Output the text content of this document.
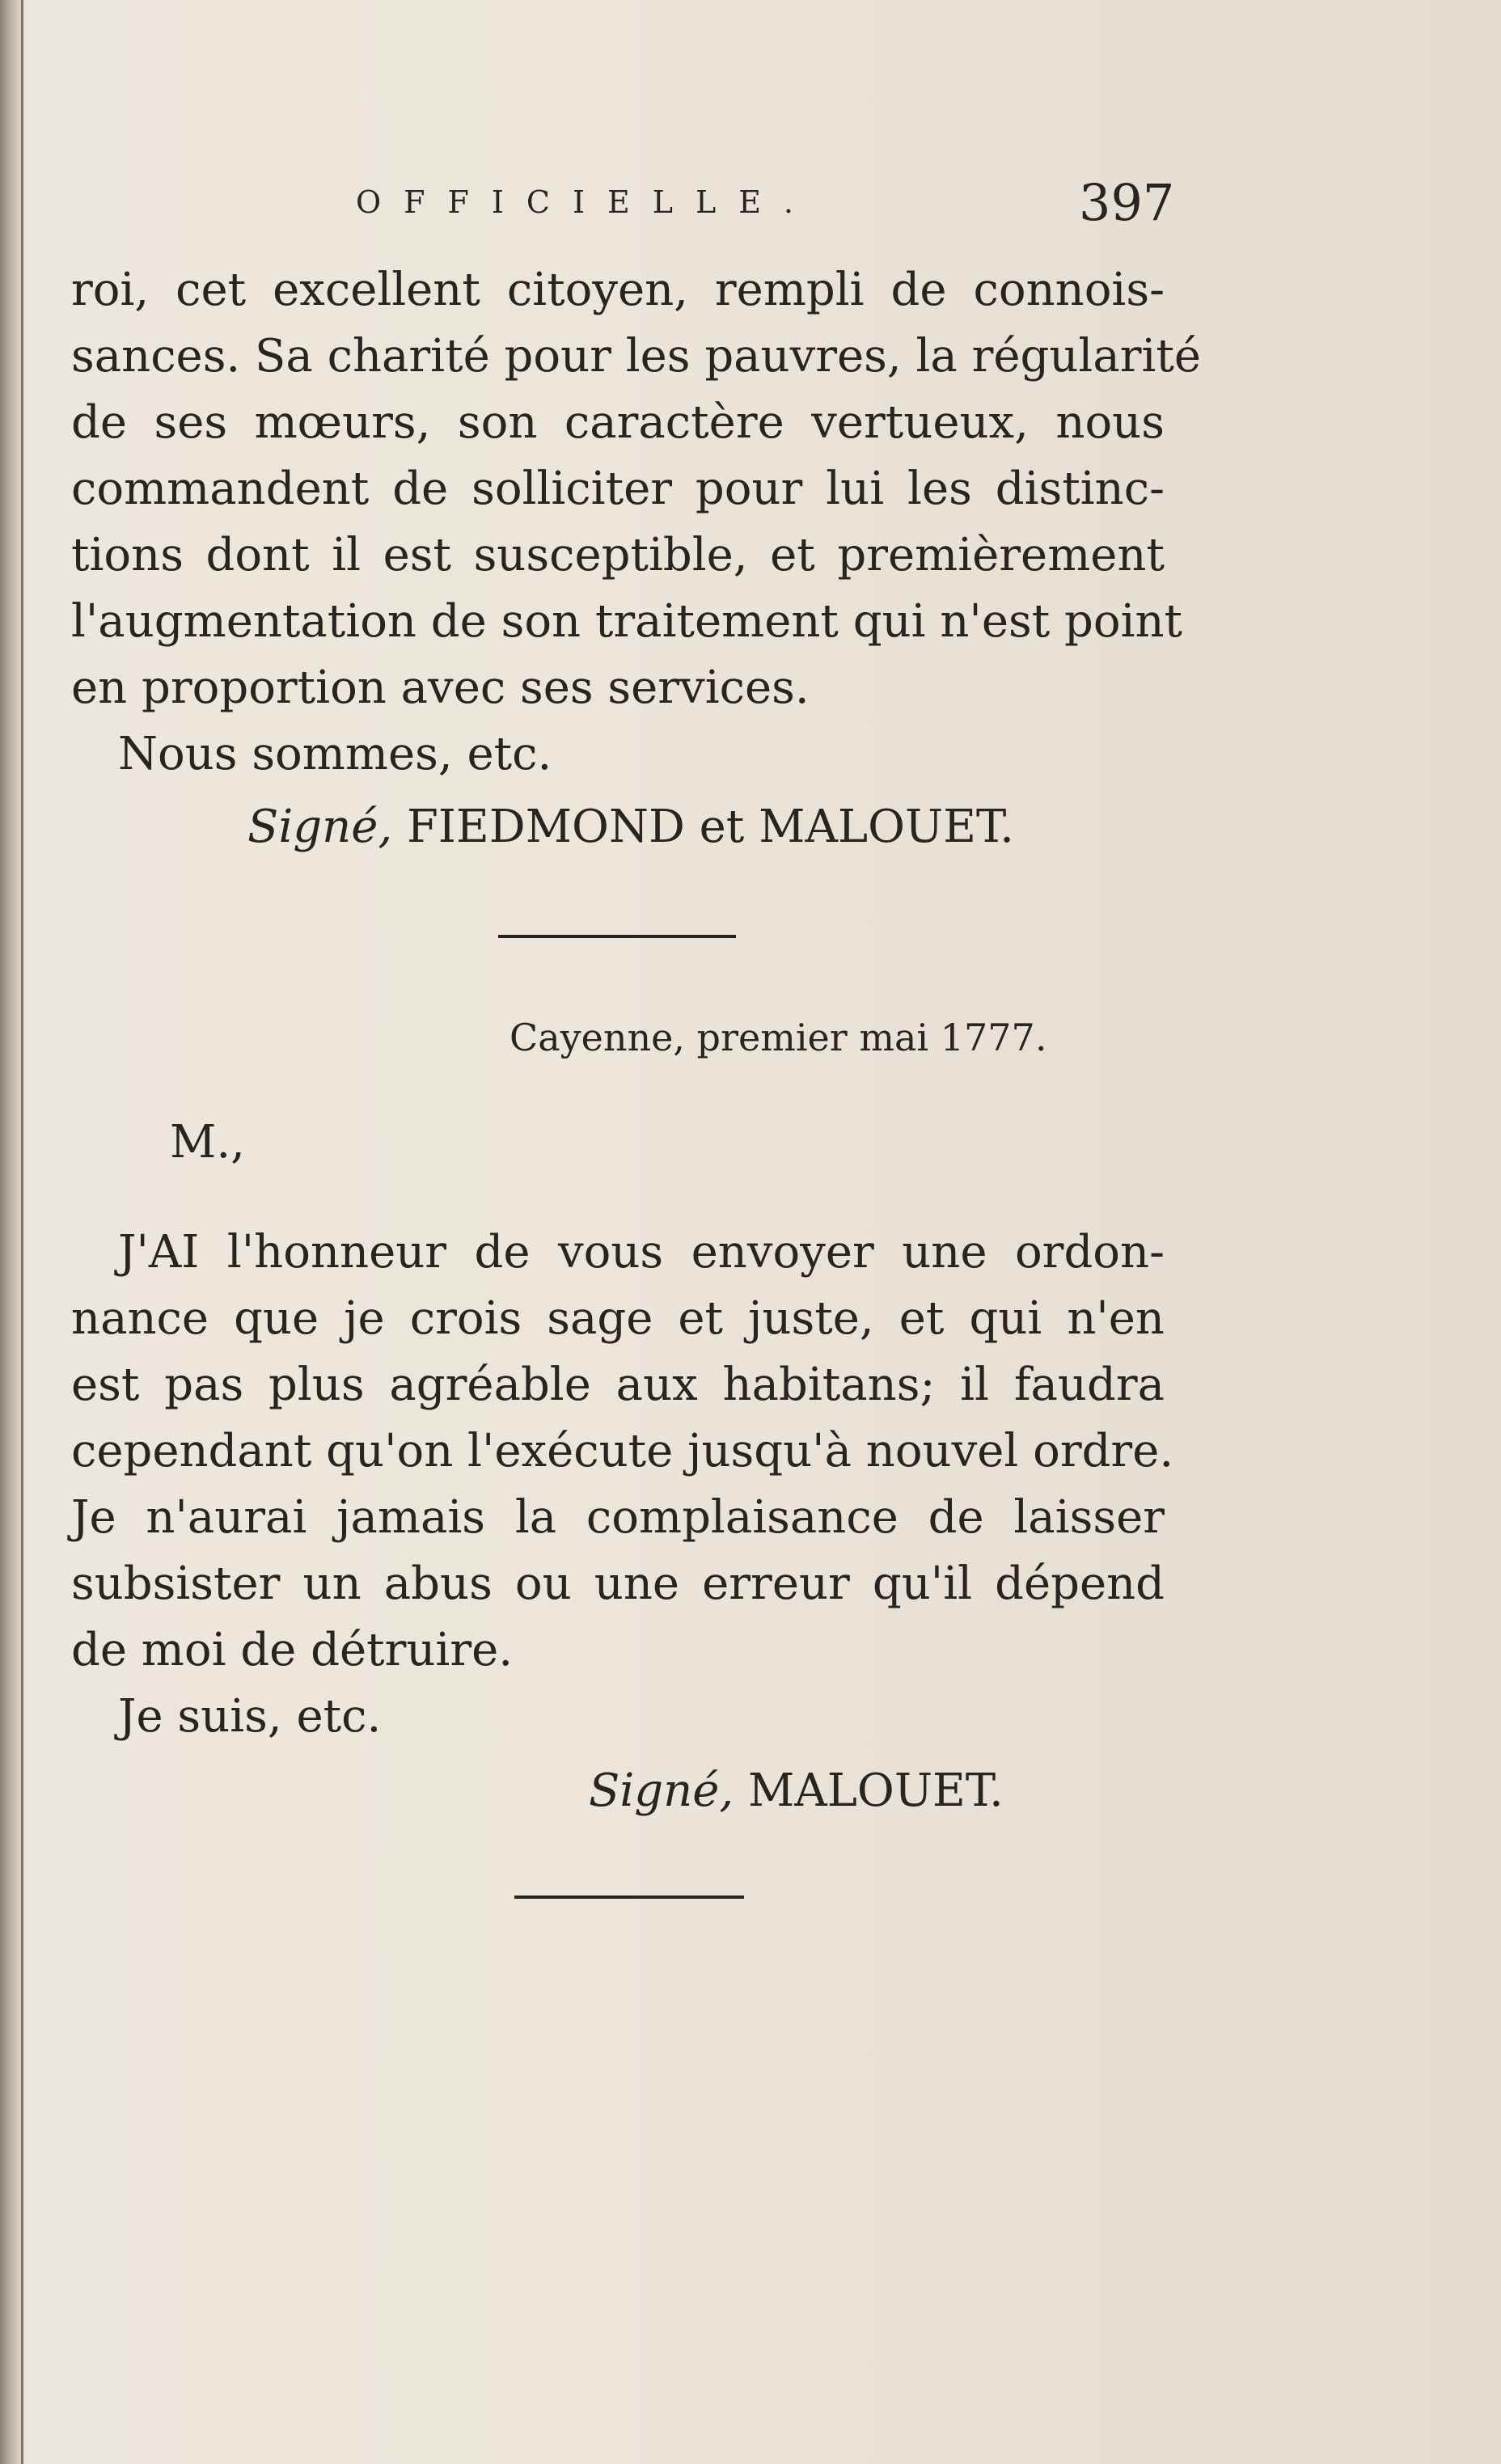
OFFICIELLE.	397
roi, cet excellent citoyen, rempli de connois-
sances. Sa charité pour les pauvres, la régularité
de ses mœurs, son caractère vertueux, nous
commandent de solliciter pour lui les distinc-
tions dont il est susceptible, et premièrement
l'augmentation de son traitement qui n'est point
en proportion avec ses services.
Nous sommes, etc.
Signé, FIEDMOND et MALOUET.
Cayenne, premier mai 1777.
M.,
J'AI l'honneur de vous envoyer une ordon-
nance que je crois sage et juste, et qui n'en
est pas plus agréable aux habitans; il faudra
cependant qu'on l'exécute jusqu'à nouvel ordre.
Je n'aurai jamais la complaisance de laisser
subsister un abus ou une erreur qu'il dépend
de moi de détruire.
Je suis, etc.
Signé, MALOUET.
